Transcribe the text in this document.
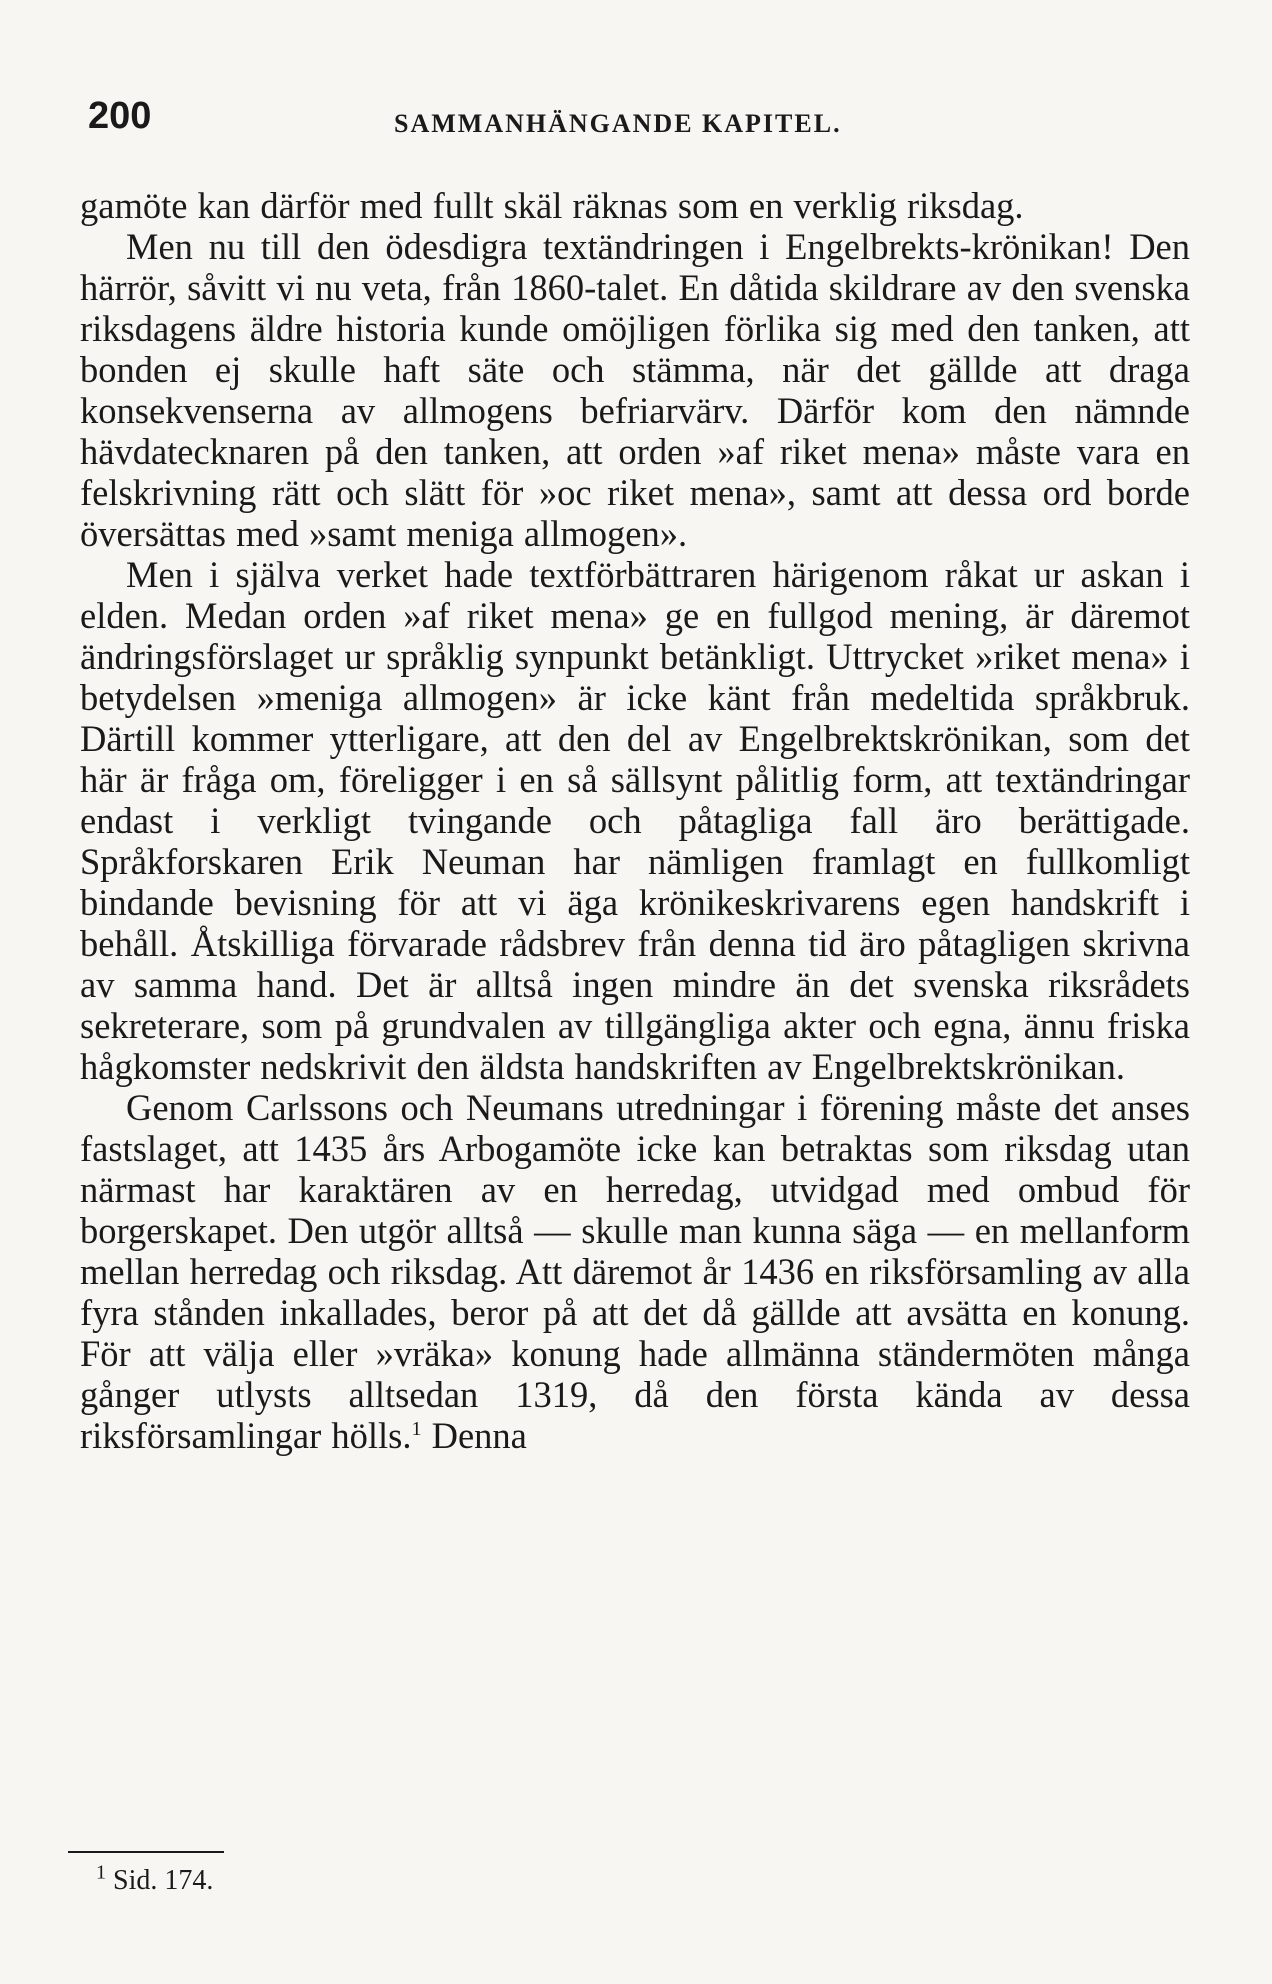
200	SAMMANHÄNGANDE KAPITEL.

gamöte kan därför med fullt skäl räknas som en verklig riksdag.

Men nu till den ödesdigra textändringen i Engelbrekts-krönikan! Den härrör, såvitt vi nu veta, från 1860-talet. En dåtida skildrare av den svenska riksdagens äldre historia kunde omöjligen förlika sig med den tanken, att bonden ej skulle haft säte och stämma, när det gällde att draga konsekvenserna av allmogens befriarvärv. Därför kom den nämnde hävdatecknaren på den tanken, att orden »af riket mena» måste vara en felskrivning rätt och slätt för »oc riket mena», samt att dessa ord borde översättas med »samt meniga allmogen».

Men i själva verket hade textförbättraren härigenom råkat ur askan i elden. Medan orden »af riket mena» ge en fullgod mening, är däremot ändringsförslaget ur språklig synpunkt betänkligt. Uttrycket »riket mena» i betydelsen »meniga allmogen» är icke känt från medeltida språkbruk. Därtill kommer ytterligare, att den del av Engelbrektskrönikan, som det här är fråga om, föreligger i en så sällsynt pålitlig form, att textändringar endast i verkligt tvingande och påtagliga fall äro berättigade. Språkforskaren Erik Neuman har nämligen framlagt en fullkomligt bindande bevisning för att vi äga krönikeskrivarens egen handskrift i behåll. Åtskilliga förvarade rådsbrev från denna tid äro påtagligen skrivna av samma hand. Det är alltså ingen mindre än det svenska riksrådets sekreterare, som på grundvalen av tillgängliga akter och egna, ännu friska hågkomster nedskrivit den äldsta handskriften av Engelbrektskrönikan.

Genom Carlssons och Neumans utredningar i förening måste det anses fastslaget, att 1435 års Arbogamöte icke kan betraktas som riksdag utan närmast har karaktären av en herredag, utvidgad med ombud för borgerskapet. Den utgör alltså — skulle man kunna säga — en mellanform mellan herredag och riksdag. Att däremot år 1436 en riksförsamling av alla fyra stånden inkallades, beror på att det då gällde att avsätta en konung. För att välja eller »vräka» konung hade allmänna ständermöten många gånger utlysts alltsedan 1319, då den första kända av dessa riksförsamlingar hölls.$^1$ Denna

$^1$ Sid. 174.
